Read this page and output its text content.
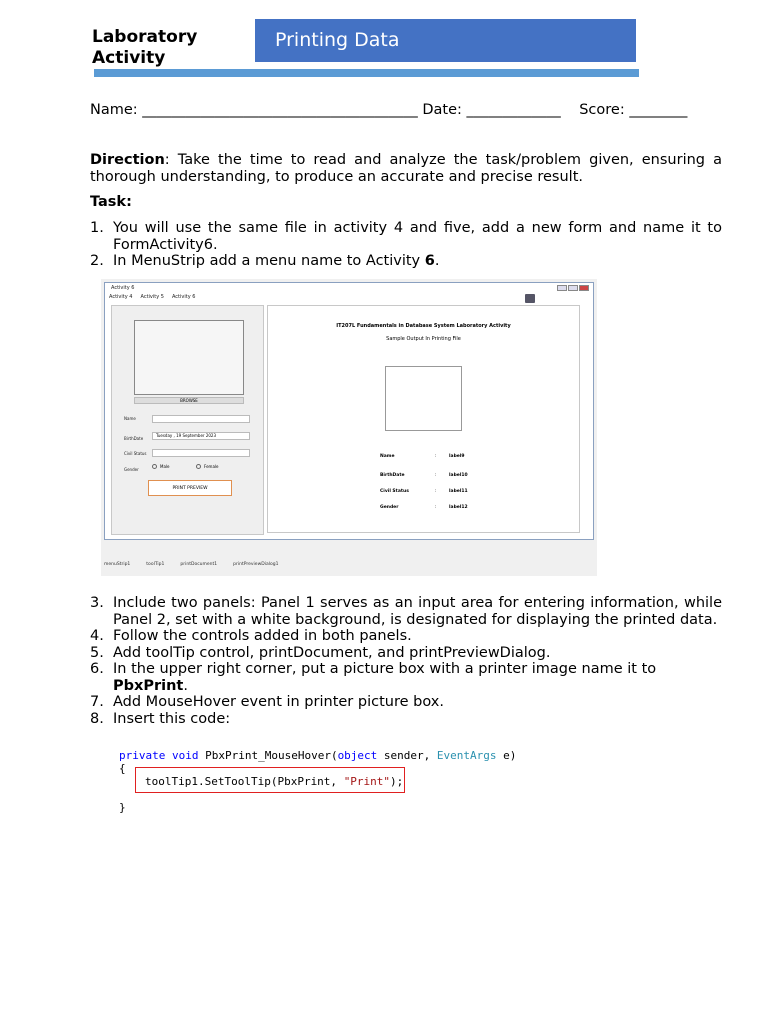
Laboratory
Activity
Printing Data
Name: ______________________________________ Date: _____________    Score: ________
Direction: Take the time to read and analyze the task/problem given, ensuring a thorough understanding, to produce an accurate and precise result.
Task:
1. You will use the same file in activity 4 and five, add a new form and name it to FormActivity6.
2. In MenuStrip add a menu name to Activity 6.
Activity 6
Activity 4 Activity 5 Activity 6
BROWSE
Name
BirthDate
Tuesday , 19 September 2023
Civil Status
Gender
Male	Female
PRINT PREVIEW
IT207L Fundamentals in Database System Laboratory Activity
Sample Output In Printing File
Name	:	label9
BirthDate	:	label10
Civil Status	:	label11
Gender	:	label12
menuStrip1	toolTip1	printDocument1	printPreviewDialog1
3. Include two panels: Panel 1 serves as an input area for entering information, while Panel 2, set with a white background, is designated for displaying the printed data.
4. Follow the controls added in both panels.
5. Add toolTip control, printDocument, and printPreviewDialog.
6. In the upper right corner, put a picture box with a printer image name it to
PbxPrint.
7. Add MouseHover event in printer picture box.
8. Insert this code:
private void PbxPrint_MouseHover(object sender, EventArgs e)
{

}
toolTip1.SetToolTip(PbxPrint, "Print");
